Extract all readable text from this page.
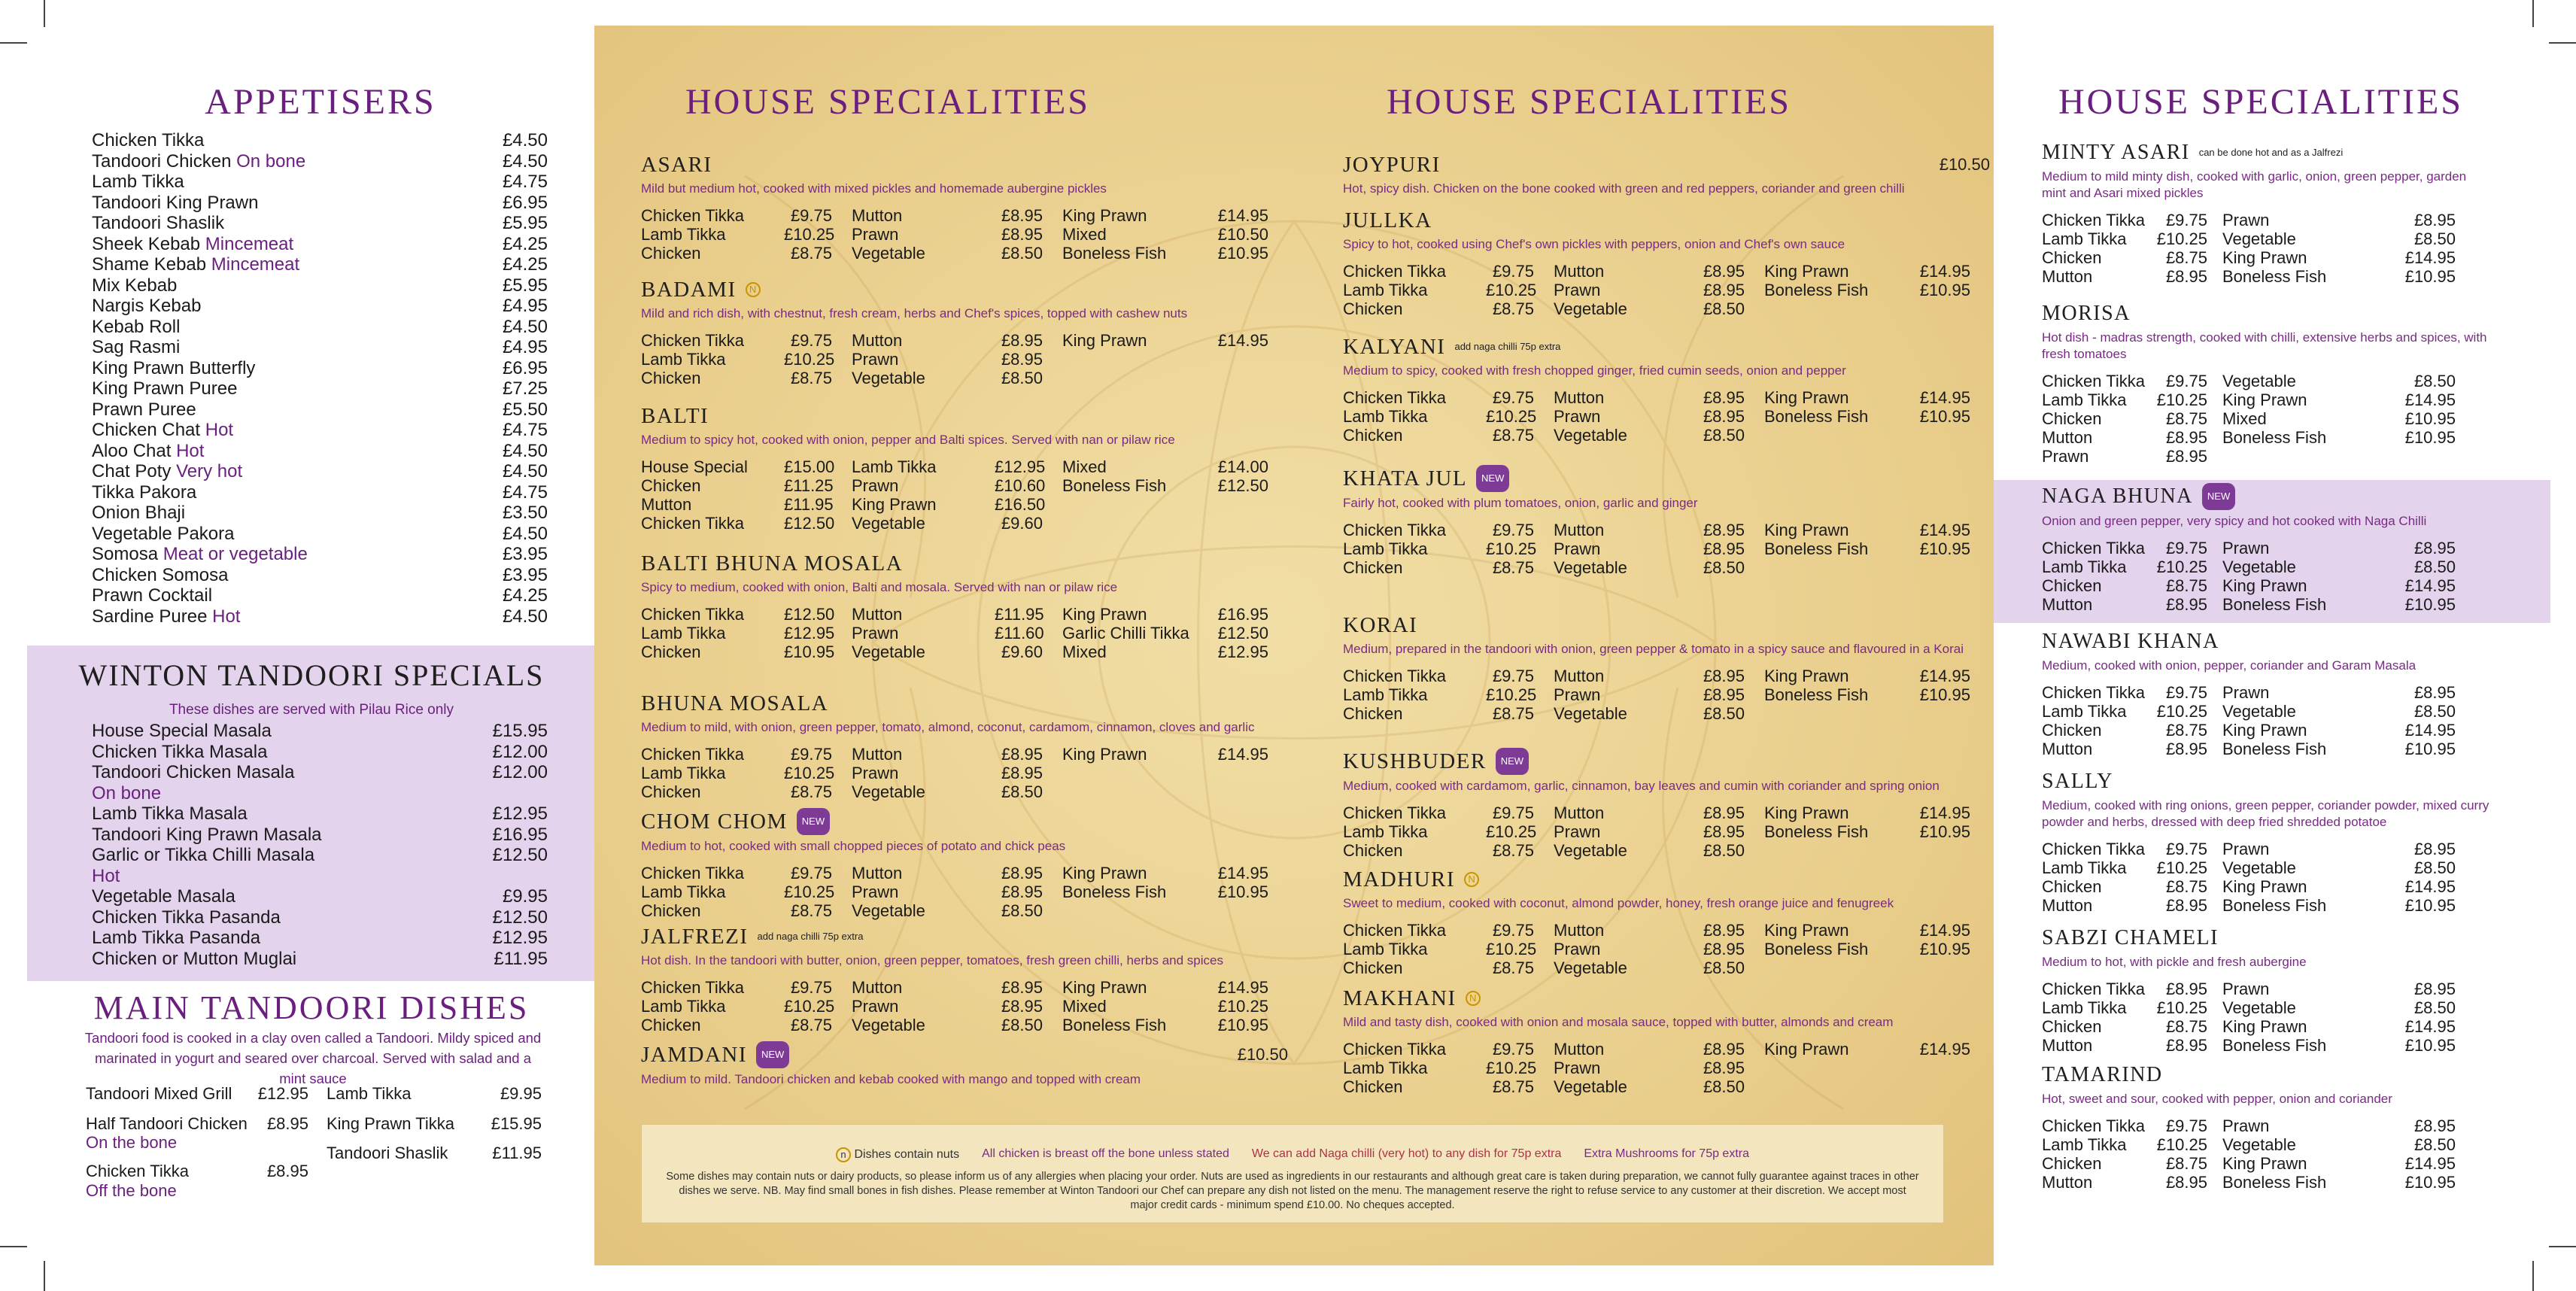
APPETISERS
Chicken Tikka	£4.50
Tandoori Chicken On bone	£4.50
Lamb Tikka	£4.75
Tandoori King Prawn	£6.95
Tandoori Shaslik	£5.95
Sheek Kebab Mincemeat	£4.25
Shame Kebab Mincemeat	£4.25
Mix Kebab	£5.95
Nargis Kebab	£4.95
Kebab Roll	£4.50
Sag Rasmi	£4.95
King Prawn Butterfly	£6.95
King Prawn Puree	£7.25
Prawn Puree	£5.50
Chicken Chat Hot	£4.75
Aloo Chat Hot	£4.50
Chat Poty Very hot	£4.50
Tikka Pakora	£4.75
Onion Bhaji	£3.50
Vegetable Pakora	£4.50
Somosa Meat or vegetable	£3.95
Chicken Somosa	£3.95
Prawn Cocktail	£4.25
Sardine Puree Hot	£4.50
WINTON TANDOORI SPECIALS
These dishes are served with Pilau Rice only
House Special Masala	£15.95
Chicken Tikka Masala	£12.00
Tandoori Chicken Masala	£12.00
On bone
Lamb Tikka Masala	£12.95
Tandoori King Prawn Masala	£16.95
Garlic or Tikka Chilli Masala	£12.50
Hot
Vegetable Masala	£9.95
Chicken Tikka Pasanda	£12.50
Lamb Tikka Pasanda	£12.95
Chicken or Mutton Muglai	£11.95
MAIN TANDOORI DISHES
Tandoori food is cooked in a clay oven called a Tandoori. Mildy spiced and marinated in yogurt and seared over charcoal. Served with salad and a mint sauce
Tandoori Mixed Grill £12.95
Half Tandoori Chicken £8.95
On the bone
Chicken Tikka	£8.95
Off the bone
Lamb Tikka	£9.95
King Prawn Tikka £15.95
Tandoori Shaslik	£11.95
HOUSE SPECIALITIES	HOUSE SPECIALITIES
ASARI
Mild but medium hot, cooked with mixed pickles and homemade aubergine pickles
Chicken Tikka	£9.75	Mutton	£8.95	King Prawn	£14.95
Lamb Tikka	£10.25	Prawn	£8.95	Mixed	£10.50
Chicken	£8.75	Vegetable	£8.50	Boneless Fish	£10.95
BADAMI	N
Mild and rich dish, with chestnut, fresh cream, herbs and Chef's spices, topped with cashew nuts
Chicken Tikka	£9.75	Mutton	£8.95	King Prawn	£14.95
Lamb Tikka	£10.25	Prawn	£8.95
Chicken	£8.75	Vegetable	£8.50
BALTI
Medium to spicy hot, cooked with onion, pepper and Balti spices. Served with nan or pilaw rice
House Special	£15.00	Lamb Tikka	£12.95	Mixed	£14.00
Chicken	£11.25	Prawn	£10.60	Boneless Fish	£12.50
Mutton	£11.95	King Prawn	£16.50
Chicken Tikka	£12.50	Vegetable	£9.60
BALTI BHUNA MOSALA
Spicy to medium, cooked with onion, Balti and mosala. Served with nan or pilaw rice
Chicken Tikka	£12.50	Mutton	£11.95	King Prawn	£16.95
Lamb Tikka	£12.95	Prawn	£11.60	Garlic Chilli Tikka	£12.50
Chicken	£10.95	Vegetable	£9.60	Mixed	£12.95
BHUNA MOSALA
Medium to mild, with onion, green pepper, tomato, almond, coconut, cardamom, cinnamon, cloves and garlic
Chicken Tikka	£9.75	Mutton	£8.95	King Prawn	£14.95
Lamb Tikka	£10.25	Prawn	£8.95
Chicken	£8.75	Vegetable	£8.50
CHOM CHOM	NEW
Medium to hot, cooked with small chopped pieces of potato and chick peas
Chicken Tikka	£9.75	Mutton	£8.95	King Prawn	£14.95
Lamb Tikka	£10.25	Prawn	£8.95	Boneless Fish	£10.95
Chicken	£8.75	Vegetable	£8.50
JALFREZI add naga chilli 75p extra
Hot dish. In the tandoori with butter, onion, green pepper, tomatoes, fresh green chilli, herbs and spices
Chicken Tikka	£9.75	Mutton	£8.95	King Prawn	£14.95
Lamb Tikka	£10.25	Prawn	£8.95	Mixed	£10.25
Chicken	£8.75	Vegetable	£8.50	Boneless Fish	£10.95
JAMDANI	NEW	£10.50
Medium to mild. Tandoori chicken and kebab cooked with mango and topped with cream
JOYPURI	£10.50
Hot, spicy dish. Chicken on the bone cooked with green and red peppers, coriander and green chilli
JULLKA
Spicy to hot, cooked using Chef's own pickles with peppers, onion and Chef's own sauce
Chicken Tikka	£9.75	Mutton	£8.95	King Prawn	£14.95
Lamb Tikka	£10.25	Prawn	£8.95	Boneless Fish	£10.95
Chicken	£8.75	Vegetable	£8.50
KALYANI add naga chilli 75p extra
Medium to spicy, cooked with fresh chopped ginger, fried cumin seeds, onion and pepper
Chicken Tikka	£9.75	Mutton	£8.95	King Prawn	£14.95
Lamb Tikka	£10.25	Prawn	£8.95	Boneless Fish	£10.95
Chicken	£8.75	Vegetable	£8.50
KHATA JUL	NEW
Fairly hot, cooked with plum tomatoes, onion, garlic and ginger
Chicken Tikka	£9.75	Mutton	£8.95	King Prawn	£14.95
Lamb Tikka	£10.25	Prawn	£8.95	Boneless Fish	£10.95
Chicken	£8.75	Vegetable	£8.50
KORAI
Medium, prepared in the tandoori with onion, green pepper & tomato in a spicy sauce and flavoured in a Korai
Chicken Tikka	£9.75	Mutton	£8.95	King Prawn	£14.95
Lamb Tikka	£10.25	Prawn	£8.95	Boneless Fish	£10.95
Chicken	£8.75	Vegetable	£8.50
KUSHBUDER	NEW
Medium, cooked with cardamom, garlic, cinnamon, bay leaves and cumin with coriander and spring onion
Chicken Tikka	£9.75	Mutton	£8.95	King Prawn	£14.95
Lamb Tikka	£10.25	Prawn	£8.95	Boneless Fish	£10.95
Chicken	£8.75	Vegetable	£8.50
MADHURI	N
Sweet to medium, cooked with coconut, almond powder, honey, fresh orange juice and fenugreek
Chicken Tikka	£9.75	Mutton	£8.95	King Prawn	£14.95
Lamb Tikka	£10.25	Prawn	£8.95	Boneless Fish	£10.95
Chicken	£8.75	Vegetable	£8.50
MAKHANI	N
Mild and tasty dish, cooked with onion and mosala sauce, topped with butter, almonds and cream
Chicken Tikka	£9.75	Mutton	£8.95	King Prawn	£14.95
Lamb Tikka	£10.25	Prawn	£8.95
Chicken	£8.75	Vegetable	£8.50
n Dishes contain nuts All chicken is breast off the bone unless stated We can add Naga chilli (very hot) to any dish for 75p extra Extra Mushrooms for 75p extra
Some dishes may contain nuts or dairy products, so please inform us of any allergies when placing your order. Nuts are used as ingredients in our restaurants and although great care is taken during preparation, we cannot fully guarantee against traces in other dishes we serve. NB. May find small bones in fish dishes. Please remember at Winton Tandoori our Chef can prepare any dish not listed on the menu. The management reserve the right to refuse service to any customer at their discretion. We accept most major credit cards - minimum spend £10.00. No cheques accepted.
HOUSE SPECIALITIES
MINTY ASARI can be done hot and as a Jalfrezi
Medium to mild minty dish, cooked with garlic, onion, green pepper, garden mint and Asari mixed pickles
Chicken Tikka	£9.75 Prawn	£8.95
Lamb Tikka	£10.25 Vegetable	£8.50
Chicken	£8.75 King Prawn	£14.95
Mutton	£8.95 Boneless Fish	£10.95
MORISA
Hot dish - madras strength, cooked with chilli, extensive herbs and spices, with fresh tomatoes
Chicken Tikka	£9.75 Vegetable	£8.50
Lamb Tikka	£10.25 King Prawn	£14.95
Chicken	£8.75 Mixed	£10.95
Mutton	£8.95 Boneless Fish	£10.95
Prawn	£8.95
NAGA BHUNA	NEW
Onion and green pepper, very spicy and hot cooked with Naga Chilli
Chicken Tikka	£9.75 Prawn	£8.95
Lamb Tikka	£10.25 Vegetable	£8.50
Chicken	£8.75 King Prawn	£14.95
Mutton	£8.95 Boneless Fish	£10.95
NAWABI KHANA
Medium, cooked with onion, pepper, coriander and Garam Masala
Chicken Tikka	£9.75 Prawn	£8.95
Lamb Tikka	£10.25 Vegetable	£8.50
Chicken	£8.75 King Prawn	£14.95
Mutton	£8.95 Boneless Fish	£10.95
SALLY
Medium, cooked with ring onions, green pepper, coriander powder, mixed curry powder and herbs, dressed with deep fried shredded potatoe
Chicken Tikka	£9.75 Prawn	£8.95
Lamb Tikka	£10.25 Vegetable	£8.50
Chicken	£8.75 King Prawn	£14.95
Mutton	£8.95 Boneless Fish	£10.95
SABZI CHAMELI
Medium to hot, with pickle and fresh aubergine
Chicken Tikka	£8.95 Prawn	£8.95
Lamb Tikka	£10.25 Vegetable	£8.50
Chicken	£8.75 King Prawn	£14.95
Mutton	£8.95 Boneless Fish	£10.95
TAMARIND
Hot, sweet and sour, cooked with pepper, onion and coriander
Chicken Tikka	£9.75 Prawn	£8.95
Lamb Tikka	£10.25 Vegetable	£8.50
Chicken	£8.75 King Prawn	£14.95
Mutton	£8.95 Boneless Fish	£10.95
